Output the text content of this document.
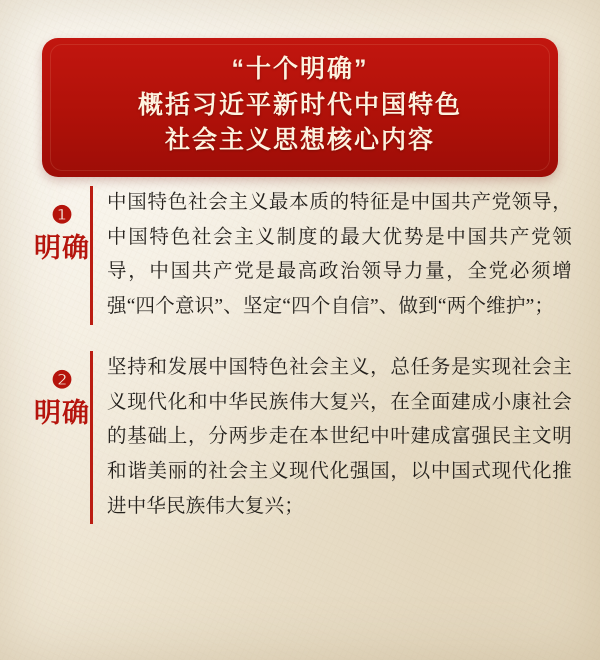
“十个明确”
概括习近平新时代中国特色
社会主义思想核心内容
❶
明确
中国特色社会主义最本质的特征是中国共产党领导，中国特色社会主义制度的最大优势是中国共产党领导，中国共产党是最高政治领导力量，全党必须增强“四个意识”、坚定“四个自信”、做到“两个维护”；
❷
明确
坚持和发展中国特色社会主义，总任务是实现社会主义现代化和中华民族伟大复兴，在全面建成小康社会的基础上，分两步走在本世纪中叶建成富强民主文明和谐美丽的社会主义现代化强国，以中国式现代化推进中华民族伟大复兴；
